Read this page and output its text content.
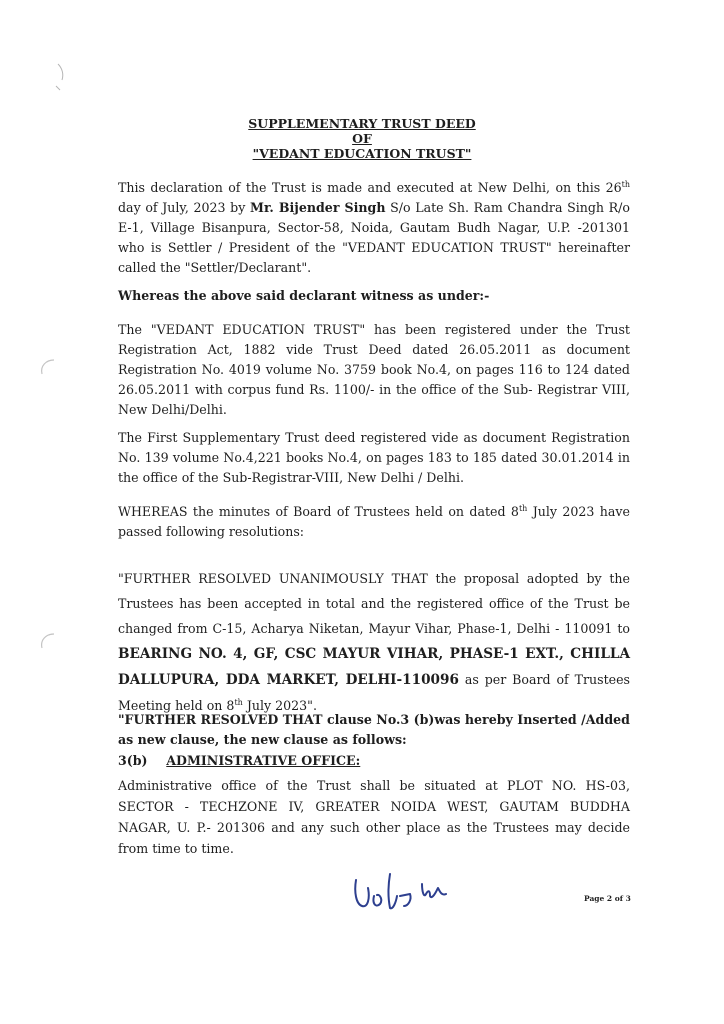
SUPPLEMENTARY TRUST DEED
OF
"VEDANT EDUCATION TRUST"

This declaration of the Trust is made and executed at New Delhi, on this 26th day of July, 2023 by Mr. Bijender Singh S/o Late Sh. Ram Chandra Singh R/o E-1, Village Bisanpura, Sector-58, Noida, Gautam Budh Nagar, U.P. -201301 who is Settler / President of the "VEDANT EDUCATION TRUST" hereinafter called the "Settler/Declarant".

Whereas the above said declarant witness as under:-

The "VEDANT EDUCATION TRUST" has been registered under the Trust Registration Act, 1882 vide Trust Deed dated 26.05.2011 as document Registration No. 4019 volume No. 3759 book No.4, on pages 116 to 124 dated 26.05.2011 with corpus fund Rs. 1100/- in the office of the Sub- Registrar VIII, New Delhi/Delhi.

The First Supplementary Trust deed registered vide as document Registration No. 139 volume No.4,221 books No.4, on pages 183 to 185 dated 30.01.2014 in the office of the Sub-Registrar-VIII, New Delhi / Delhi.

WHEREAS the minutes of Board of Trustees held on dated 8th July 2023 have passed following resolutions:

"FURTHER RESOLVED UNANIMOUSLY THAT the proposal adopted by the Trustees has been accepted in total and the registered office of the Trust be changed from C-15, Acharya Niketan, Mayur Vihar, Phase-1, Delhi - 110091 to BEARING NO. 4, GF, CSC MAYUR VIHAR, PHASE-1 EXT., CHILLA DALLUPURA, DDA MARKET, DELHI-110096 as per Board of Trustees Meeting held on 8th July 2023".

"FURTHER RESOLVED THAT clause No.3 (b)was hereby Inserted /Added as new clause, the new clause as follows:

3(b) ADMINISTRATIVE OFFICE:

Administrative office of the Trust shall be situated at PLOT NO. HS-03, SECTOR - TECHZONE IV, GREATER NOIDA WEST, GAUTAM BUDDHA NAGAR, U. P.- 201306 and any such other place as the Trustees may decide from time to time.

Page 2 of 3
